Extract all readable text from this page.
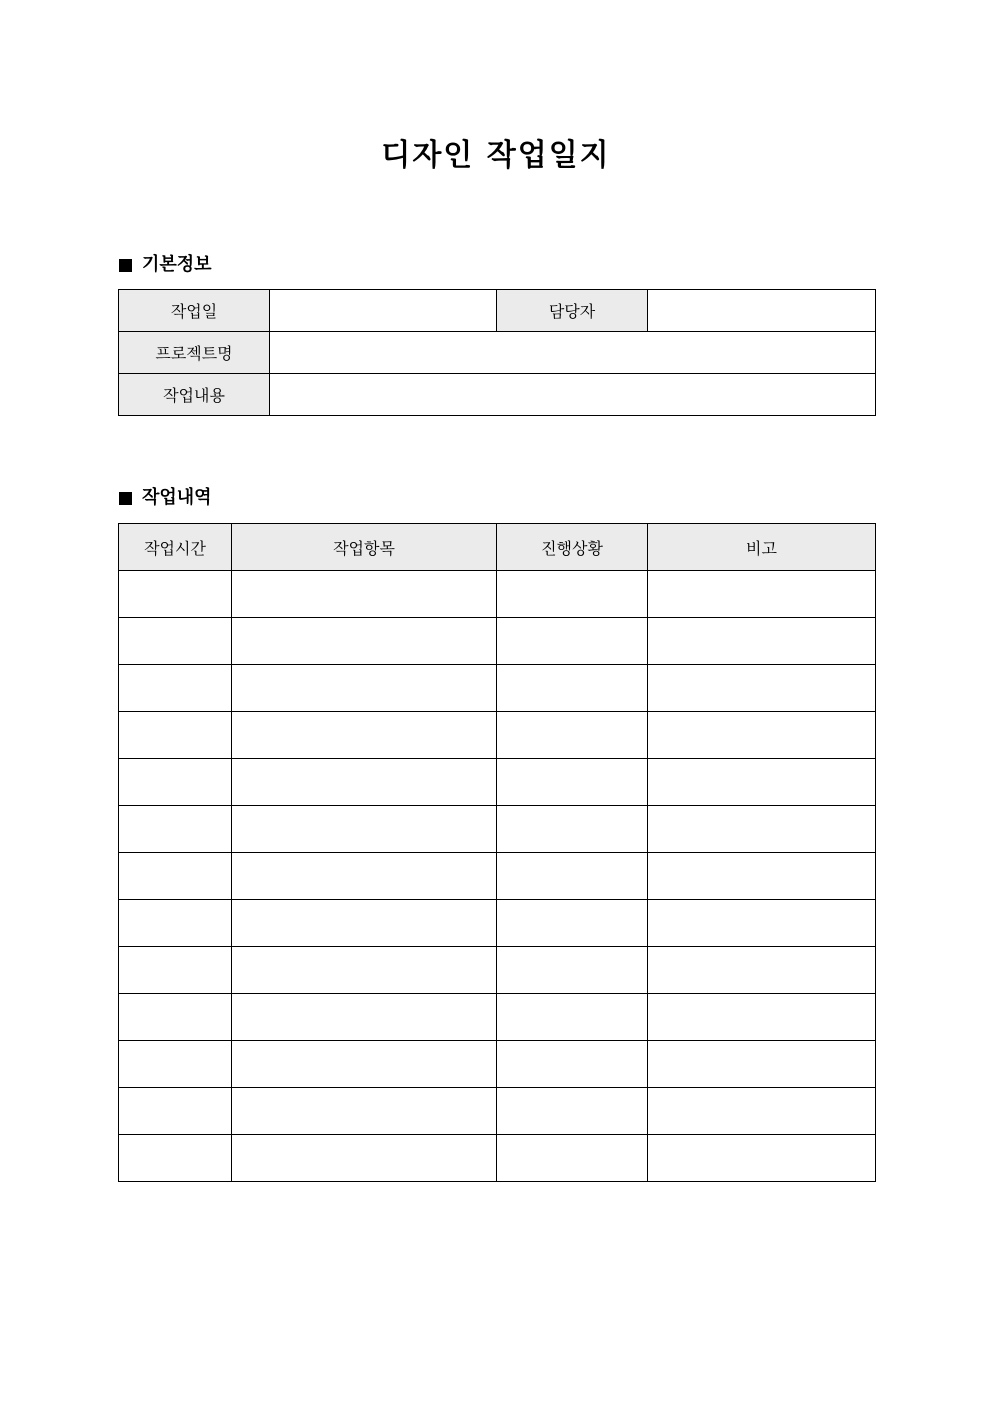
디자인 작업일지
기본정보
작업일		담당자	
프로젝트명			
작업내용			
작업내역
작업시간	작업항목	진행상황	비고
